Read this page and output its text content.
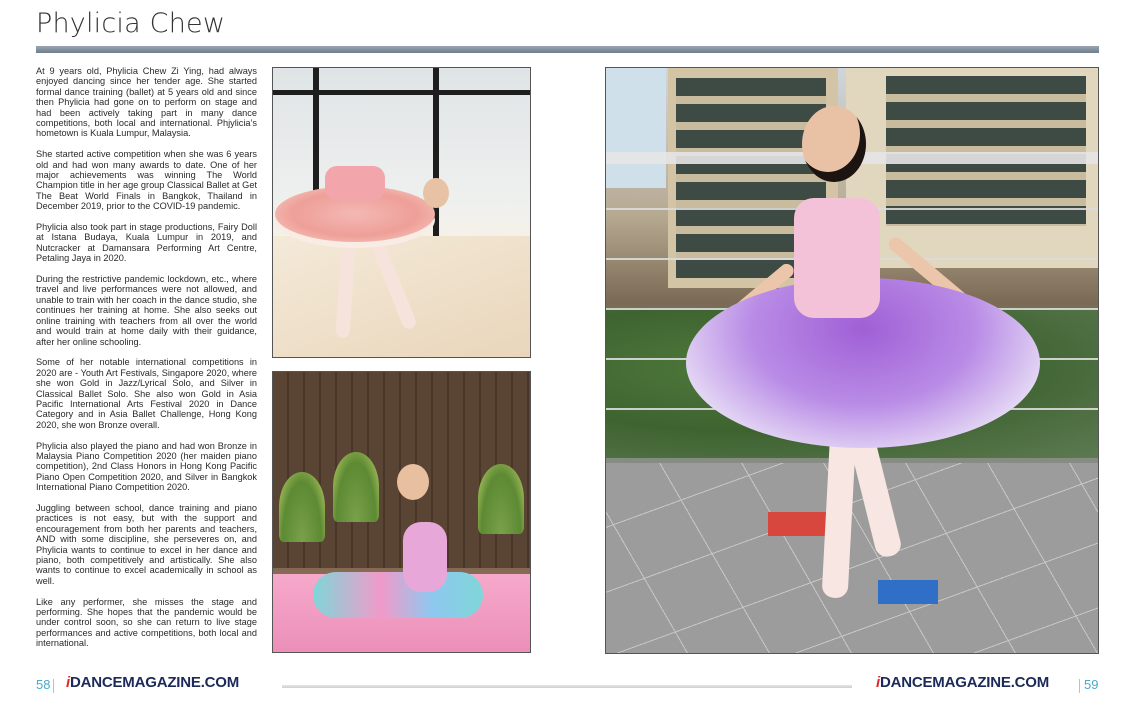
Phylicia Chew

At 9 years old, Phylicia Chew Zi Ying, had always enjoyed dancing since her tender age. She started formal dance training (ballet) at 5 years old and since then Phylicia had gone on to perform on stage and had been actively taking part in many dance competitions, both local and international. Phjylicia’s hometown is Kuala Lumpur, Malaysia.

She started active competition when she was 6 years old and had won many awards to date. One of her major achievements was winning The World Champion title in her age group Classical Ballet at Get The Beat World Finals in Bangkok, Thailand in December 2019, prior to the COVID-19 pandemic.

Phylicia also took part in stage productions, Fairy Doll at Istana Budaya, Kuala Lumpur in 2019, and Nutcracker at Damansara Performing Art Centre, Petaling Jaya in 2020.

During the restrictive pandemic lockdown, etc., where travel and live performances were not allowed, and unable to train with her coach in the dance studio, she continues her training at home. She also seeks out online training with teachers from all over the world and would train at home daily with their guidance, after her online schooling.

Some of her notable international competitions in 2020 are - Youth Art Festivals, Singapore 2020, where she won Gold in Jazz/Lyrical Solo, and Silver in Classical Ballet Solo. She also won Gold in Asia Pacific International Arts Festival 2020 in Dance Category and in Asia Ballet Challenge, Hong Kong 2020, she won Bronze overall.

Phylicia also played the piano and had won Bronze in Malaysia Piano Competition 2020 (her maiden piano competition), 2nd Class Honors in Hong Kong Pacific Piano Open Competition 2020, and Silver in Bangkok International Piano Competition 2020.

Juggling between school, dance training and piano practices is not easy, but with the support and encouragement from both her parents and teachers, AND with some discipline, she perseveres on, and Phylicia wants to continue to excel in her dance and piano, both competitively and artistically. She also wants to continue to excel academically in school as well.

Like any performer, she misses the stage and performing. She hopes that the pandemic would be under control soon, so she can return to live stage performances and active competitions, both local and international.

58 iDANCEMAGAZINE.COM	iDANCEMAGAZINE.COM	59
